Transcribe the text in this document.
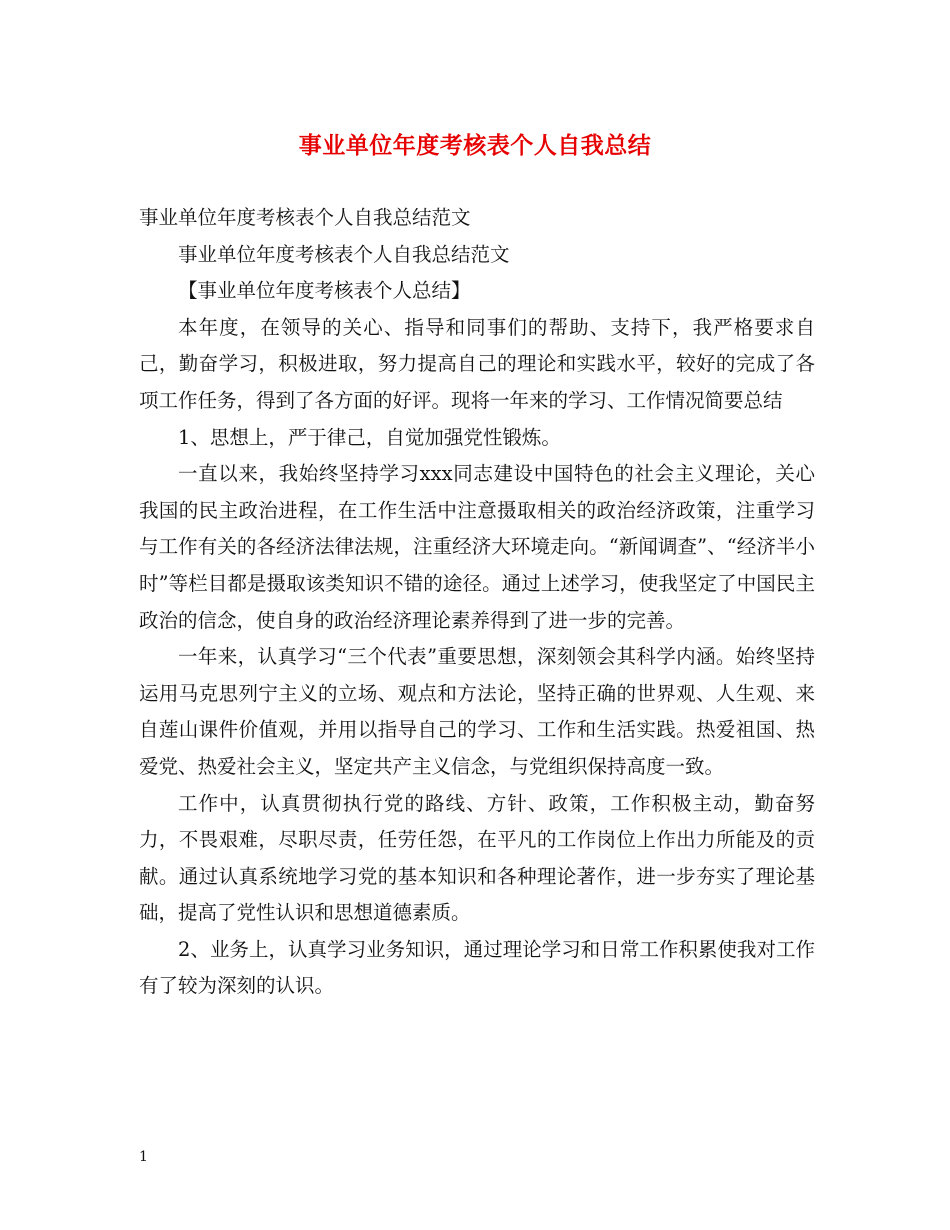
事业单位年度考核表个人自我总结

事业单位年度考核表个人自我总结范文

事业单位年度考核表个人自我总结范文

【事业单位年度考核表个人总结】

本年度，在领导的关心、指导和同事们的帮助、支持下，我严格要求自己，勤奋学习，积极进取，努力提高自己的理论和实践水平，较好的完成了各项工作任务，得到了各方面的好评。现将一年来的学习、工作情况简要总结

1、思想上，严于律己，自觉加强党性锻炼。

一直以来，我始终坚持学习xxx同志建设中国特色的社会主义理论，关心我国的民主政治进程，在工作生活中注意摄取相关的政治经济政策，注重学习与工作有关的各经济法律法规，注重经济大环境走向。“新闻调查”、“经济半小时”等栏目都是摄取该类知识不错的途径。通过上述学习，使我坚定了中国民主政治的信念，使自身的政治经济理论素养得到了进一步的完善。

一年来，认真学习“三个代表”重要思想，深刻领会其科学内涵。始终坚持运用马克思列宁主义的立场、观点和方法论，坚持正确的世界观、人生观、来自莲山课件价值观，并用以指导自己的学习、工作和生活实践。热爱祖国、热爱党、热爱社会主义，坚定共产主义信念，与党组织保持高度一致。

工作中，认真贯彻执行党的路线、方针、政策，工作积极主动，勤奋努力，不畏艰难，尽职尽责，任劳任怨，在平凡的工作岗位上作出力所能及的贡献。通过认真系统地学习党的基本知识和各种理论著作，进一步夯实了理论基础，提高了党性认识和思想道德素质。

2、业务上，认真学习业务知识，通过理论学习和日常工作积累使我对工作有了较为深刻的认识。

1
